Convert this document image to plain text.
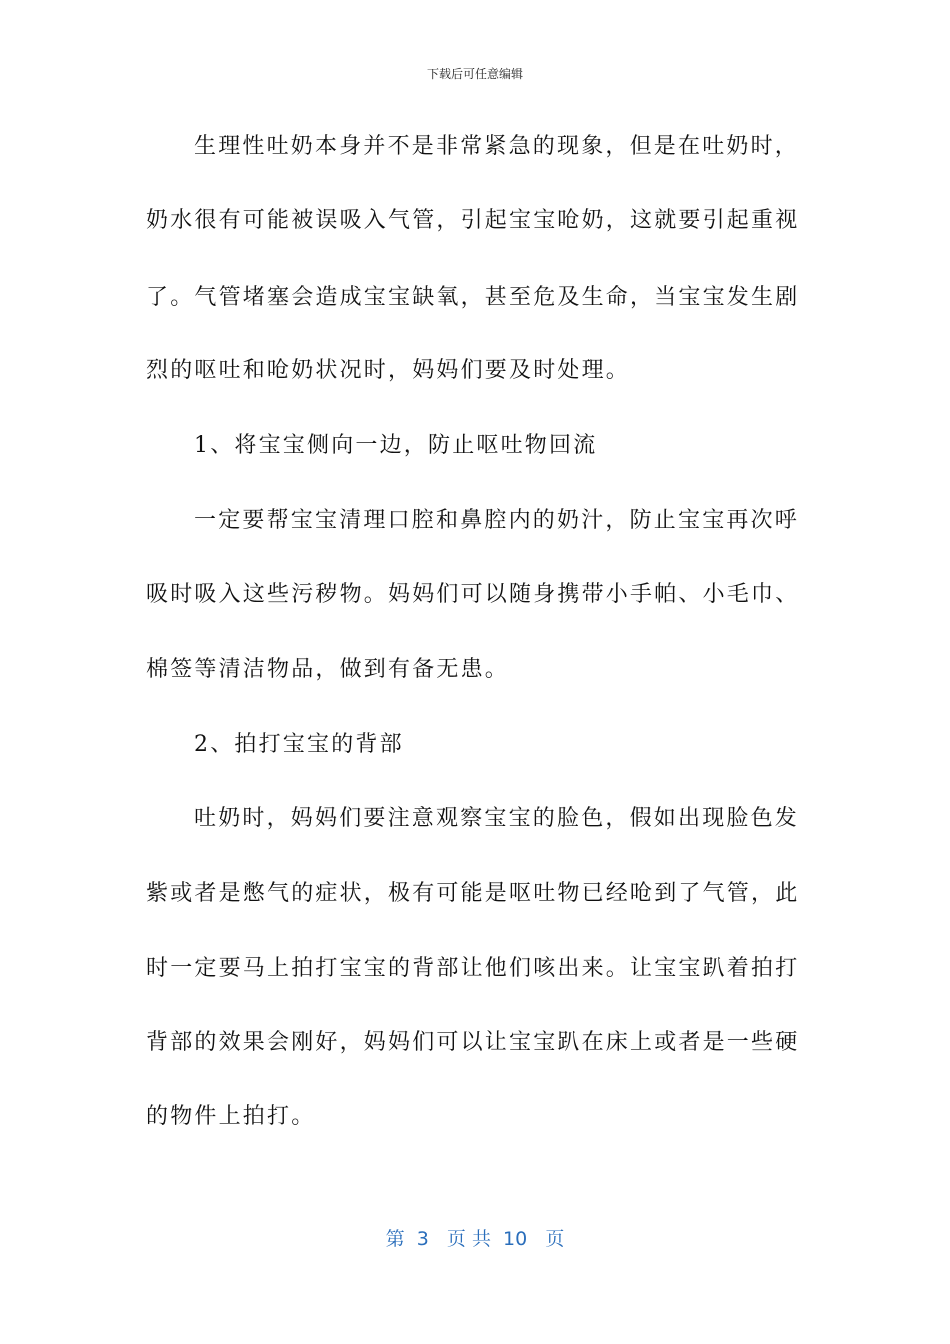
下载后可任意编辑
生理性吐奶本身并不是非常紧急的现象，但是在吐奶时，
奶水很有可能被误吸入气管，引起宝宝呛奶，这就要引起重视
了。气管堵塞会造成宝宝缺氧，甚至危及生命，当宝宝发生剧
烈的呕吐和呛奶状况时，妈妈们要及时处理。
1、将宝宝侧向一边，防止呕吐物回流
一定要帮宝宝清理口腔和鼻腔内的奶汁，防止宝宝再次呼
吸时吸入这些污秽物。妈妈们可以随身携带小手帕、小毛巾、
棉签等清洁物品，做到有备无患。
2、拍打宝宝的背部
吐奶时，妈妈们要注意观察宝宝的脸色，假如出现脸色发
紫或者是憋气的症状，极有可能是呕吐物已经呛到了气管，此
时一定要马上拍打宝宝的背部让他们咳出来。让宝宝趴着拍打
背部的效果会刚好，妈妈们可以让宝宝趴在床上或者是一些硬
的物件上拍打。
第  3   页 共  10   页
